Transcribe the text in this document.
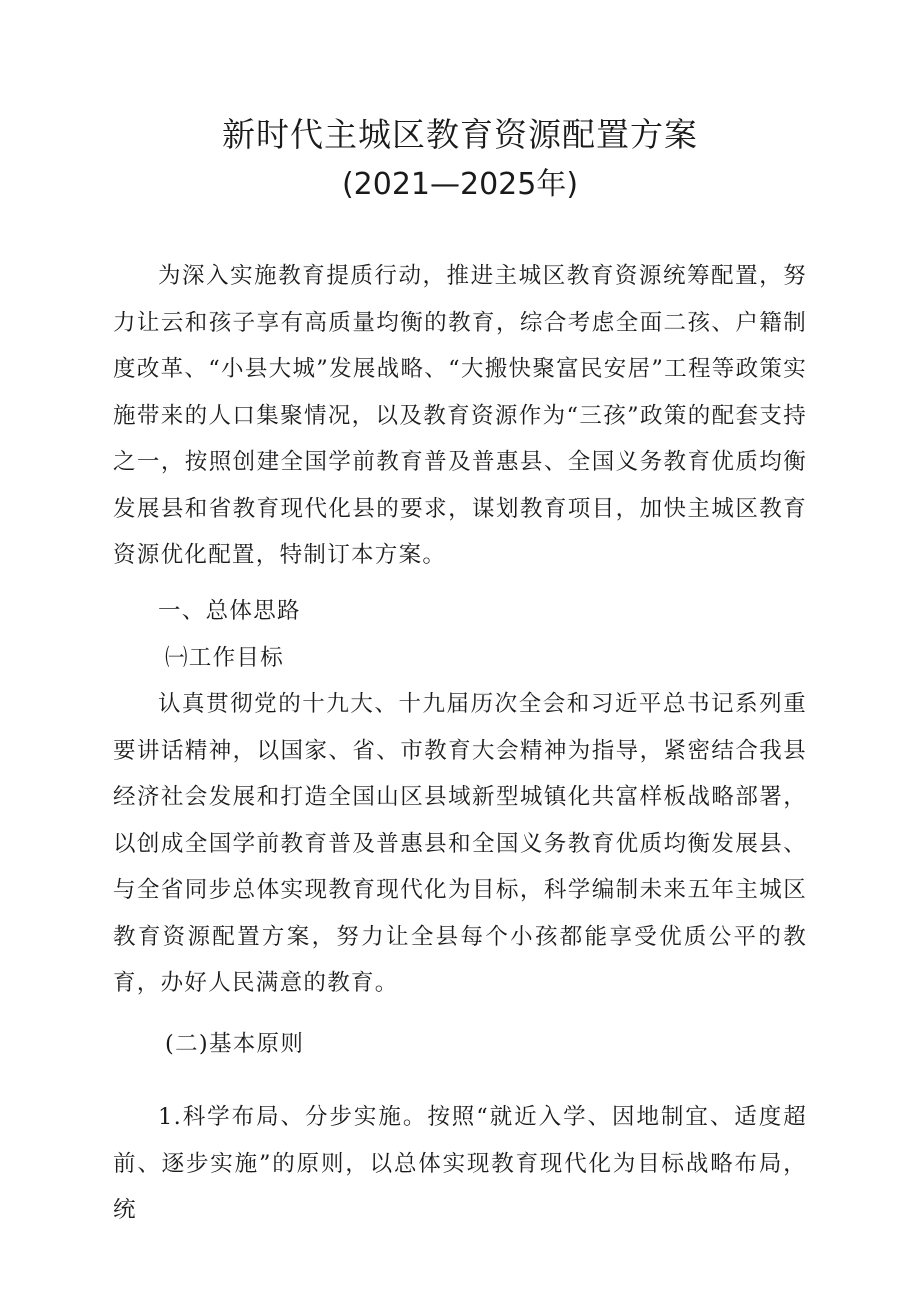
新时代主城区教育资源配置方案
(2021—2025年)

为深入实施教育提质行动，推进主城区教育资源统筹配置，努力让云和孩子享有高质量均衡的教育，综合考虑全面二孩、户籍制度改革、“小县大城”发展战略、“大搬快聚富民安居”工程等政策实施带来的人口集聚情况，以及教育资源作为“三孩”政策的配套支持之一，按照创建全国学前教育普及普惠县、全国义务教育优质均衡发展县和省教育现代化县的要求，谋划教育项目，加快主城区教育资源优化配置，特制订本方案。

一、总体思路
㈠工作目标

认真贯彻党的十九大、十九届历次全会和习近平总书记系列重要讲话精神，以国家、省、市教育大会精神为指导，紧密结合我县经济社会发展和打造全国山区县域新型城镇化共富样板战略部署，以创成全国学前教育普及普惠县和全国义务教育优质均衡发展县、与全省同步总体实现教育现代化为目标，科学编制未来五年主城区教育资源配置方案，努力让全县每个小孩都能享受优质公平的教育，办好人民满意的教育。

(二)基本原则

1.科学布局、分步实施。按照“就近入学、因地制宜、适度超前、逐步实施”的原则，以总体实现教育现代化为目标战略布局，统
